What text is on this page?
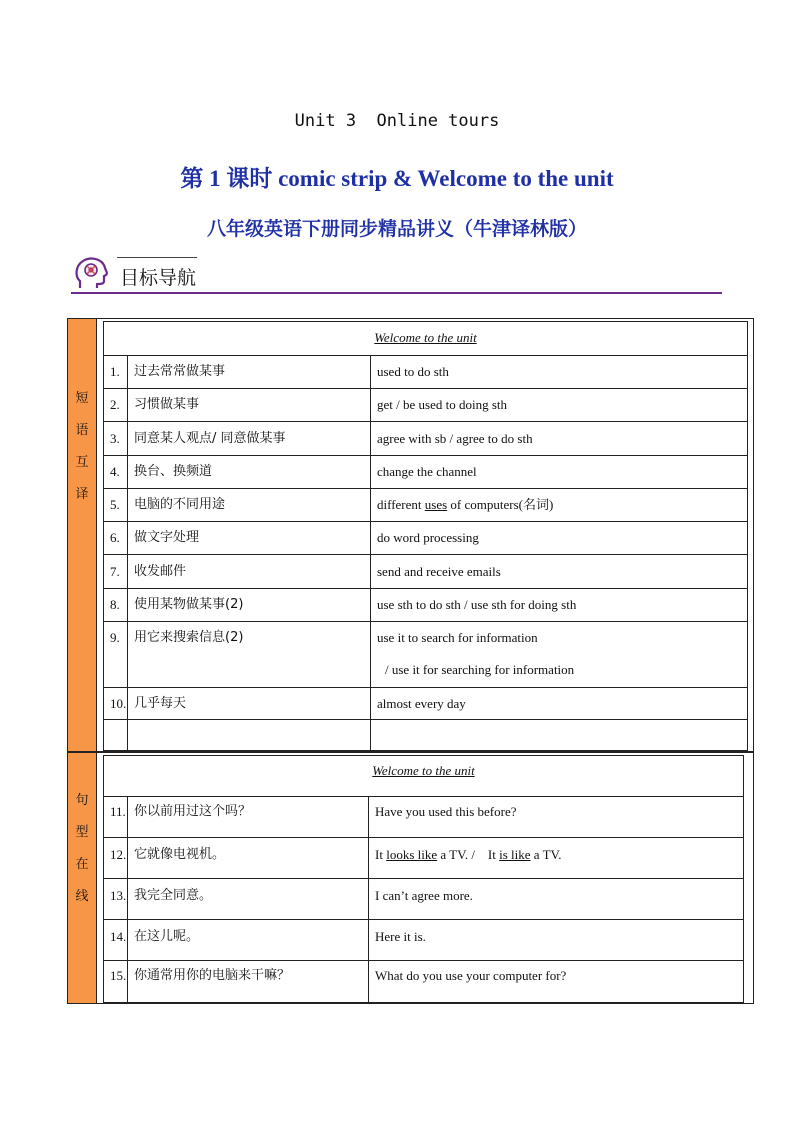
Unit 3  Online tours
第 1 课时 comic strip & Welcome to the unit
八年级英语下册同步精品讲义（牛津译林版）
目标导航
短
语
互
译
Welcome to the unit
1.	过去常常做某事	used to do sth
2.	习惯做某事	get / be used to doing sth
3.	同意某人观点/ 同意做某事	agree with sb / agree to do sth
4.	换台、换频道	change the channel
5.	电脑的不同用途	different uses of computers(名词)
6.	做文字处理	do word processing
7.	收发邮件	send and receive emails
8.	使用某物做某事(2)	use sth to do sth / use sth for doing sth
9.	用它来搜索信息(2)	use it to search for information
/ use it for searching for information
10. 几乎每天	almost every day
句
型
在
线
Welcome to the unit
11. 你以前用过这个吗？	Have you used this before?
12. 它就像电视机。	It looks like a TV. /    It is like a TV.
13. 我完全同意。	I can’t agree more.
14. 在这儿呢。	Here it is.
15. 你通常用你的电脑来干嘛？	What do you use your computer for?
